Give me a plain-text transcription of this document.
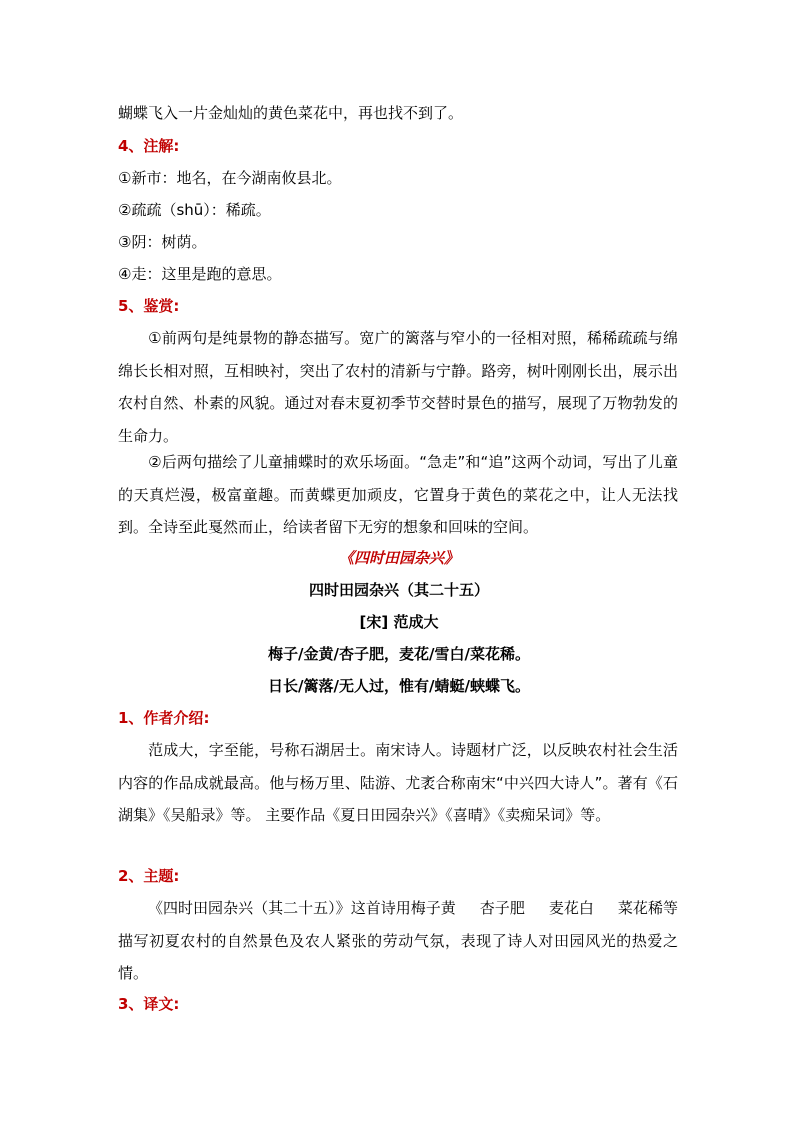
蝴蝶飞入一片金灿灿的黄色菜花中，再也找不到了。
4、注解:
①新市：地名，在今湖南攸县北。
②疏疏（shū）：稀疏。
③阴：树荫。
④走：这里是跑的意思。
5、鉴赏:
①前两句是纯景物的静态描写。宽广的篱落与窄小的一径相对照，稀稀疏疏与绵绵长长相对照，互相映衬，突出了农村的清新与宁静。路旁，树叶刚刚长出，展示出农村自然、朴素的风貌。通过对春末夏初季节交替时景色的描写，展现了万物勃发的生命力。
②后两句描绘了儿童捕蝶时的欢乐场面。“急走”和“追”这两个动词，写出了儿童的天真烂漫，极富童趣。而黄蝶更加顽皮，它置身于黄色的菜花之中，让人无法找到。全诗至此戛然而止，给读者留下无穷的想象和回味的空间。
《四时田园杂兴》
四时田园杂兴（其二十五）
[宋] 范成大
梅子/金黄/杏子肥，麦花/雪白/菜花稀。
日长/篱落/无人过，惟有/蜻蜓/蛱蝶飞。
1、作者介绍:
范成大，字至能，号称石湖居士。南宋诗人。诗题材广泛，以反映农村社会生活内容的作品成就最高。他与杨万里、陆游、尤袤合称南宋“中兴四大诗人”。著有《石湖集》《吴船录》等。 主要作品《夏日田园杂兴》《喜晴》《卖痴呆词》等。
2、主题:
《四时田园杂兴（其二十五）》这首诗用梅子黄 杏子肥 麦花白 菜花稀等描写初夏农村的自然景色及农人紧张的劳动气氛，表现了诗人对田园风光的热爱之情。
3、译文:
